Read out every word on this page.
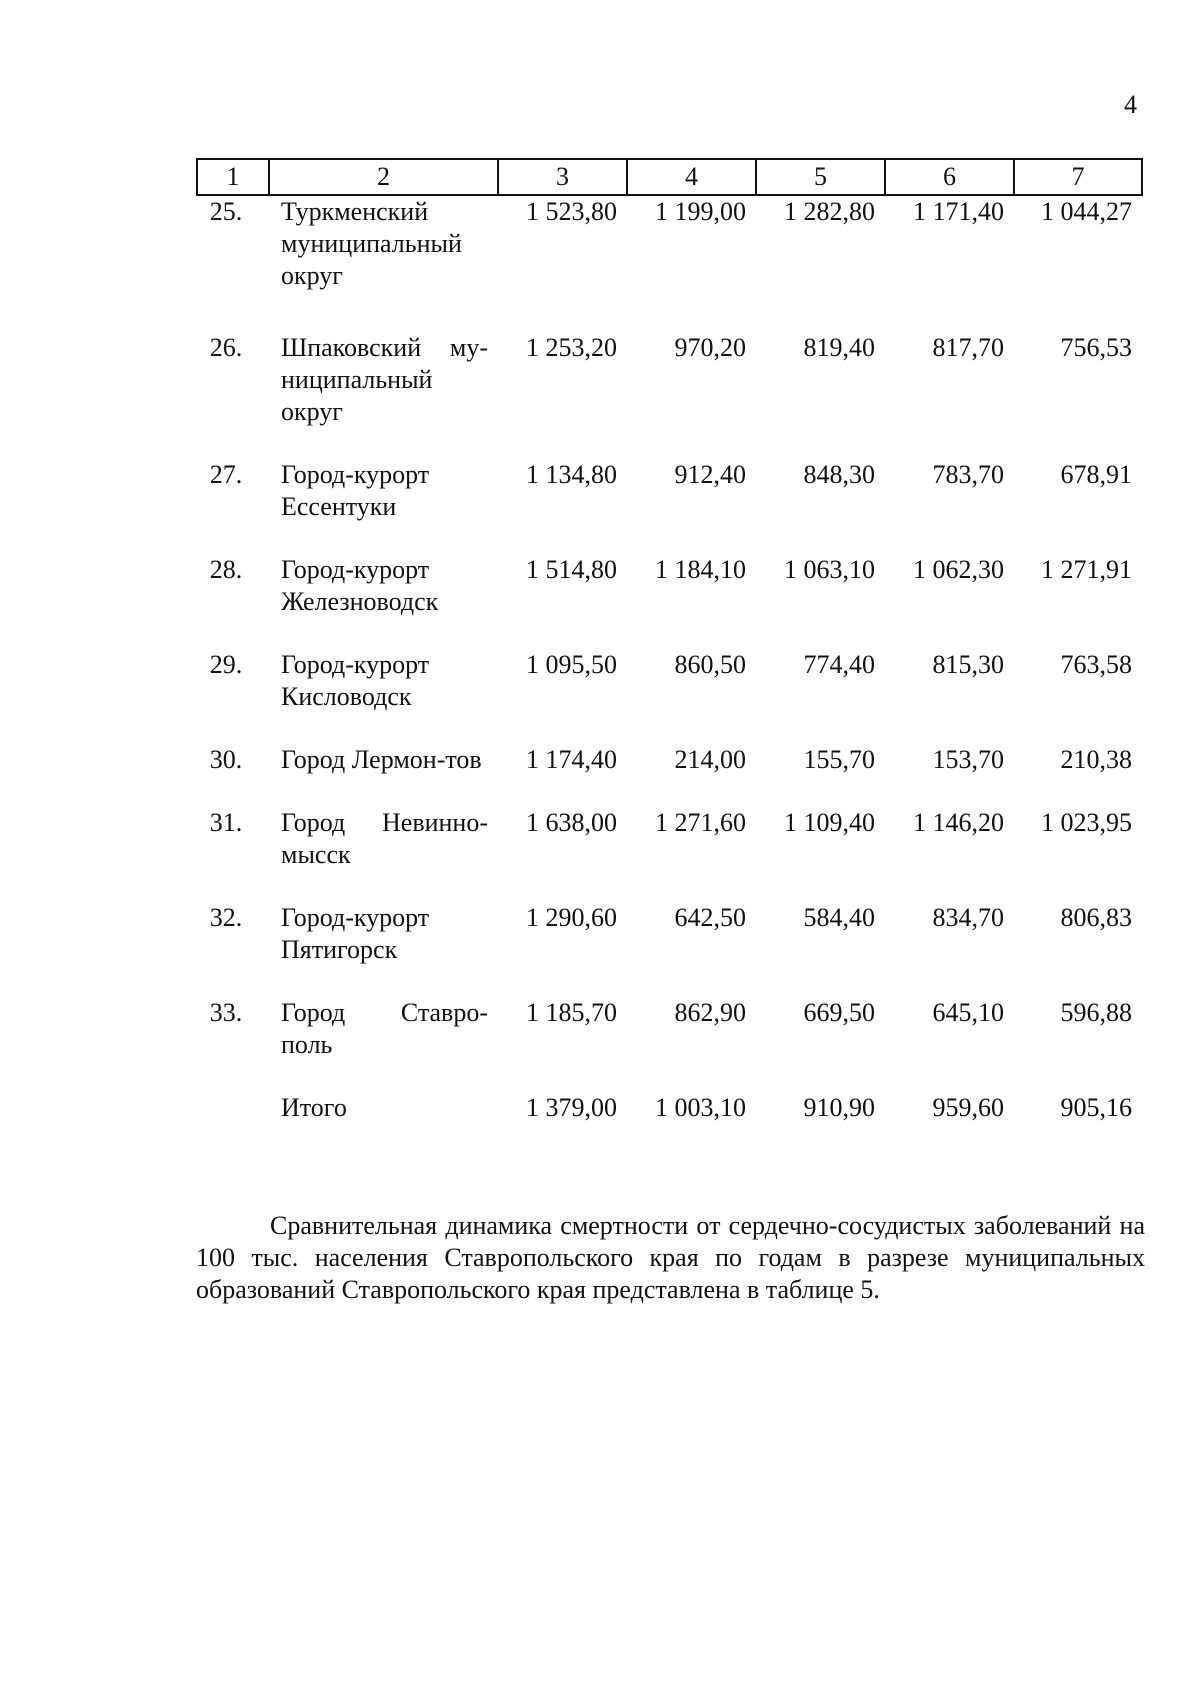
4
1	2	3	4	5	6	7
25.	Туркменский муниципальный округ	1 523,80	1 199,00	1 282,80	1 171,40	1 044,27
26.	Шпаковский му-ниципальный округ	1 253,20	970,20	819,40	817,70	756,53
27.	Город-курорт Ессентуки	1 134,80	912,40	848,30	783,70	678,91
28.	Город-курорт Железноводск	1 514,80	1 184,10	1 063,10	1 062,30	1 271,91
29.	Город-курорт Кисловодск	1 095,50	860,50	774,40	815,30	763,58
30.	Город Лермон-тов	1 174,40	214,00	155,70	153,70	210,38
31.	Город Невинно-мысск	1 638,00	1 271,60	1 109,40	1 146,20	1 023,95
32.	Город-курорт Пятигорск	1 290,60	642,50	584,40	834,70	806,83
33.	Город Ставро-поль	1 185,70	862,90	669,50	645,10	596,88
	Итого	1 379,00	1 003,10	910,90	959,60	905,16

Сравнительная динамика смертности от сердечно-сосудистых заболеваний на 100 тыс. населения Ставропольского края по годам в разрезе муниципальных образований Ставропольского края представлена в таблице 5.
